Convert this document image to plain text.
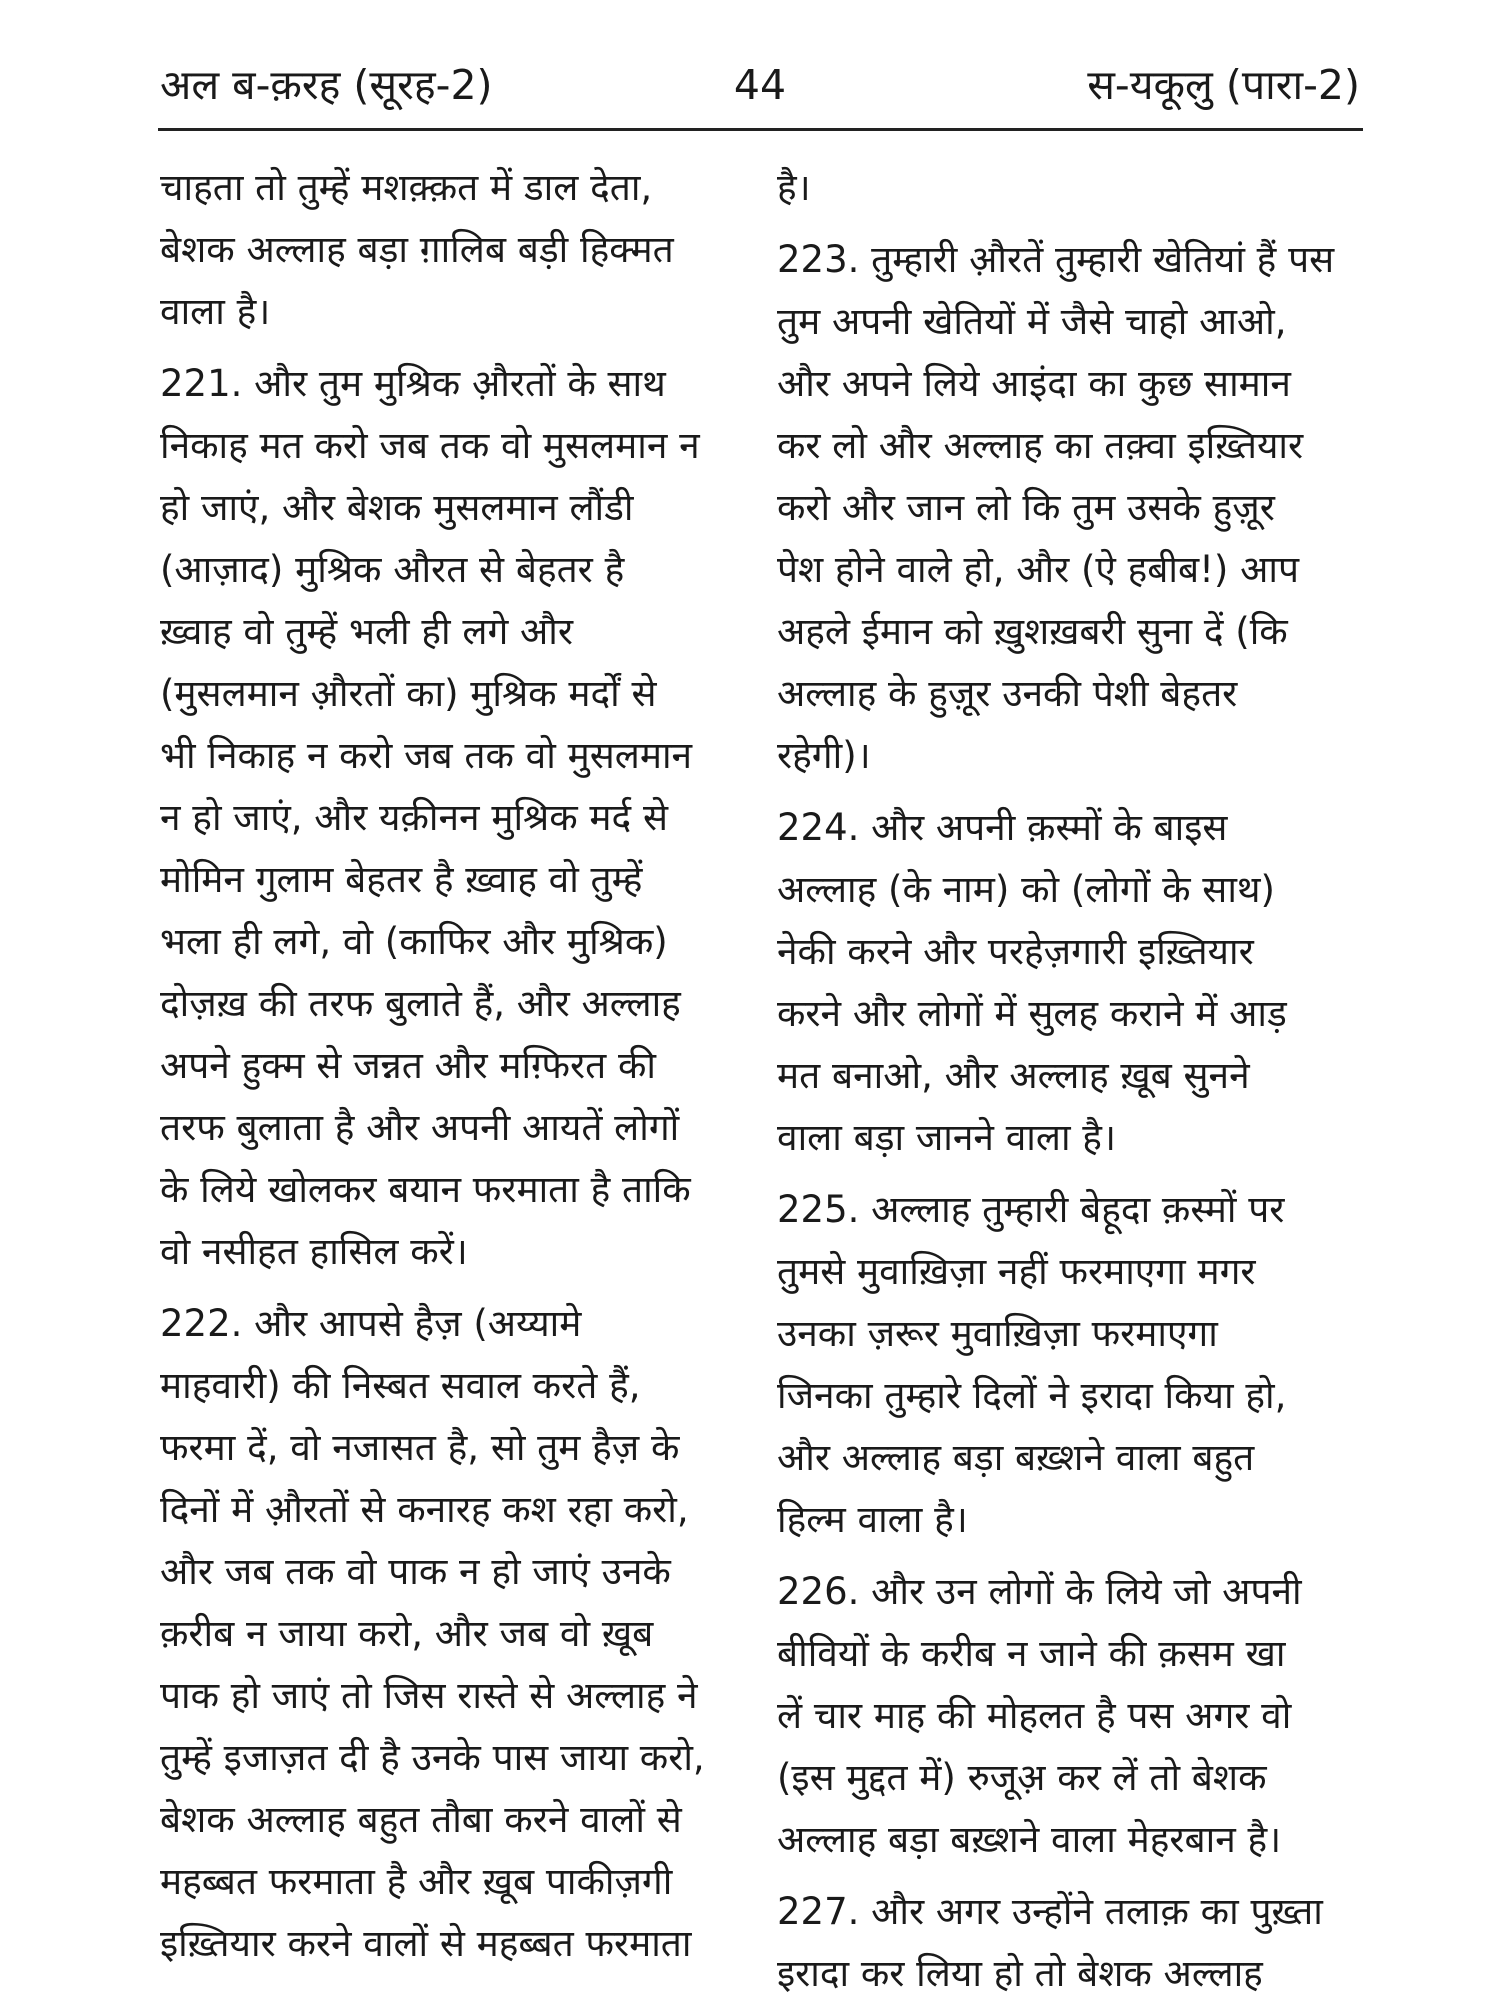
अल ब-क़रह (सूरह-2)	44	स-यकूलु (पारा-2)
चाहता तो तुम्हें मशक़्क़त में डाल देता,
बेशक अल्लाह बड़ा ग़ालिब बड़ी हिक्मत
वाला है।
221. और तुम मुश्रिक औ़रतों के साथ
निकाह मत करो जब तक वो मुसलमान न
हो जाएं, और बेशक मुसलमान लौंडी
(आज़ाद) मुश्रिक औरत से बेहतर है
ख़्वाह वो तुम्हें भली ही लगे और
(मुसलमान औ़रतों का) मुश्रिक मर्दों से
भी निकाह न करो जब तक वो मुसलमान
न हो जाएं, और यक़ीनन मुश्रिक मर्द से
मोमिन गुलाम बेहतर है ख़्वाह वो तुम्हें
भला ही लगे, वो (काफिर और मुश्रिक)
दोज़ख़ की तरफ बुलाते हैं, और अल्लाह
अपने हुक्म से जन्नत और मग़्फिरत की
तरफ बुलाता है और अपनी आयतें लोगों
के लिये खोलकर बयान फरमाता है ताकि
वो नसीहत हासिल करें।
222. और आपसे हैज़ (अय्यामे
माहवारी) की निस्बत सवाल करते हैं,
फरमा दें, वो नजासत है, सो तुम हैज़ के
दिनों में औ़रतों से कनारह कश रहा करो,
और जब तक वो पाक न हो जाएं उनके
क़रीब न जाया करो, और जब वो ख़ूब
पाक हो जाएं तो जिस रास्ते से अल्लाह ने
तुम्हें इजाज़त दी है उनके पास जाया करो,
बेशक अल्लाह बहुत तौबा करने वालों से
महब्बत फरमाता है और ख़ूब पाकीज़गी
इख़्तियार करने वालों से महब्बत फरमाता
है।
223. तुम्हारी औ़रतें तुम्हारी खेतियां हैं पस
तुम अपनी खेतियों में जैसे चाहो आओ,
और अपने लिये आइंदा का कुछ सामान
कर लो और अल्लाह का तक़्वा इख़्तियार
करो और जान लो कि तुम उसके हुज़ूर
पेश होने वाले हो, और (ऐ हबीब!) आप
अहले ईमान को ख़ुशख़बरी सुना दें (कि
अल्लाह के हुज़ूर उनकी पेशी बेहतर
रहेगी)।
224. और अपनी क़स्मों के बाइस
अल्लाह (के नाम) को (लोगों के साथ)
नेकी करने और परहेज़गारी इख़्तियार
करने और लोगों में सुलह कराने में आड़
मत बनाओ, और अल्लाह ख़ूब सुनने
वाला बड़ा जानने वाला है।
225. अल्लाह तुम्हारी बेहूदा क़स्मों पर
तुमसे मुवाख़िज़ा नहीं फरमाएगा मगर
उनका ज़रूर मुवाख़िज़ा फरमाएगा
जिनका तुम्हारे दिलों ने इरादा किया हो,
और अल्लाह बड़ा बख़्शने वाला बहुत
हिल्म वाला है।
226. और उन लोगों के लिये जो अपनी
बीवियों के करीब न जाने की क़सम खा
लें चार माह की मोहलत है पस अगर वो
(इस मुद्दत में) रुजूअ़ कर लें तो बेशक
अल्लाह बड़ा बख़्शने वाला मेहरबान है।
227. और अगर उन्होंने तलाक़ का पुख़्ता
इरादा कर लिया हो तो बेशक अल्लाह
